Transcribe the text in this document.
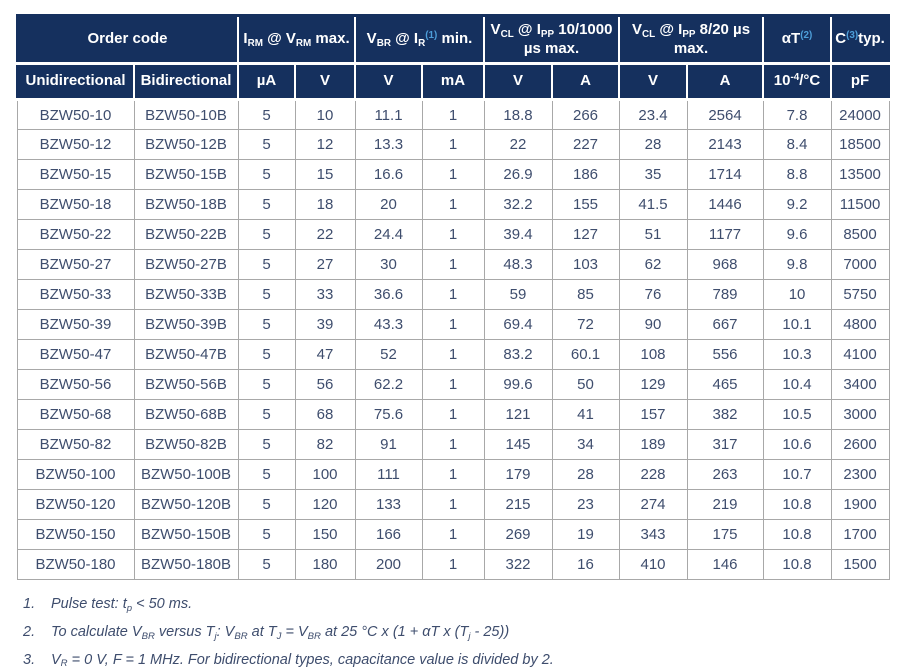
Order code		$I_{RM}$ @ $V_{RM}$ max.		$V_{BR}$ @ $I_R^{(1)}$ min.		$V_{CL}$ @ $I_{PP}$ 10/1000 µs max.		$V_{CL}$ @ $I_{PP}$ 8/20 µs max.		αT$^{(2)}$	C$^{(3)}$typ.
Unidirectional	Bidirectional	µA	V	V	mA	V	A	V	A	$10^{-4}/^\circ C$	pF
BZW50-10	BZW50-10B	5	10	11.1	1	18.8	266	23.4	2564	7.8	24000
BZW50-12	BZW50-12B	5	12	13.3	1	22	227	28	2143	8.4	18500
BZW50-15	BZW50-15B	5	15	16.6	1	26.9	186	35	1714	8.8	13500
BZW50-18	BZW50-18B	5	18	20	1	32.2	155	41.5	1446	9.2	11500
BZW50-22	BZW50-22B	5	22	24.4	1	39.4	127	51	1177	9.6	8500
BZW50-27	BZW50-27B	5	27	30	1	48.3	103	62	968	9.8	7000
BZW50-33	BZW50-33B	5	33	36.6	1	59	85	76	789	10	5750
BZW50-39	BZW50-39B	5	39	43.3	1	69.4	72	90	667	10.1	4800
BZW50-47	BZW50-47B	5	47	52	1	83.2	60.1	108	556	10.3	4100
BZW50-56	BZW50-56B	5	56	62.2	1	99.6	50	129	465	10.4	3400
BZW50-68	BZW50-68B	5	68	75.6	1	121	41	157	382	10.5	3000
BZW50-82	BZW50-82B	5	82	91	1	145	34	189	317	10.6	2600
BZW50-100	BZW50-100B	5	100	111	1	179	28	228	263	10.7	2300
BZW50-120	BZW50-120B	5	120	133	1	215	23	274	219	10.8	1900
BZW50-150	BZW50-150B	5	150	166	1	269	19	343	175	10.8	1700
BZW50-180	BZW50-180B	5	180	200	1	322	16	410	146	10.8	1500
1.	Pulse test: $t_p < 50$ ms.
2.	To calculate $V_{BR}$ versus $T_j$: $V_{BR}$ at $T_J = V_{BR}$ at 25 °C x (1 + αT x $(T_j - 25)$)
3.	$V_R = 0$ V, F = 1 MHz. For bidirectional types, capacitance value is divided by 2.
